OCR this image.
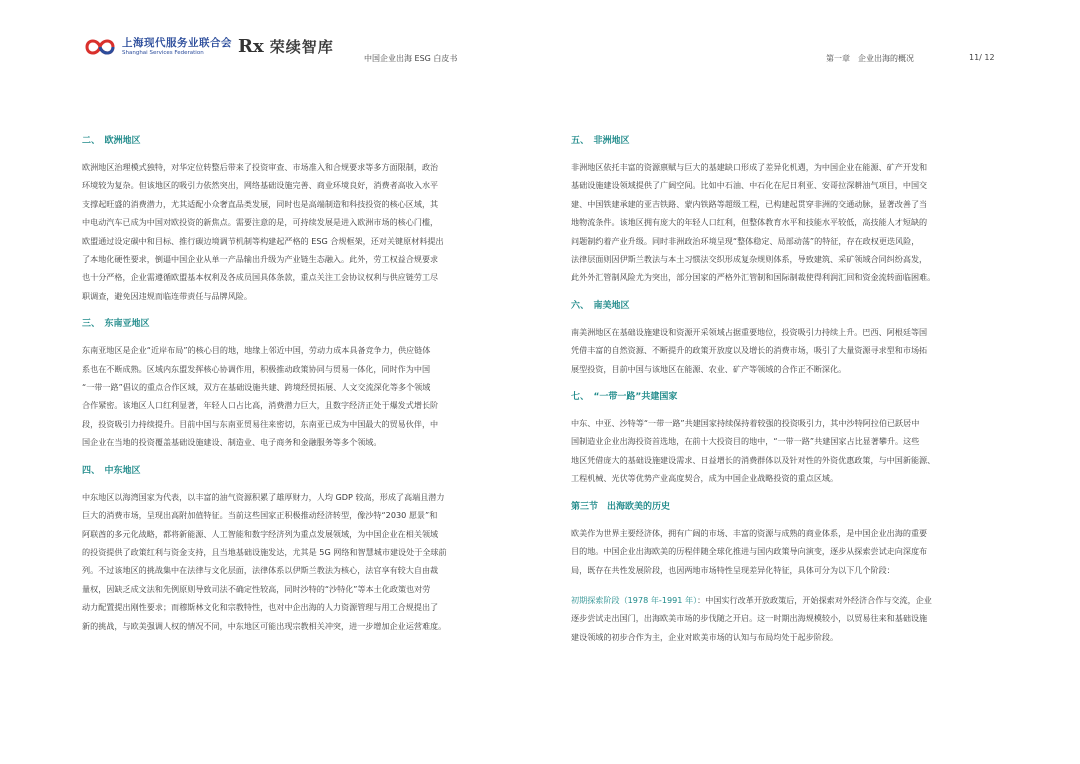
上海现代服务业联合会
Shanghai Services Federation	Rx 荣续智库
中国企业出海 ESG 白皮书	第一章　企业出海的概况	11/ 12

二、　欧洲地区

欧洲地区治理模式独特，对华定位转整后带来了投资审查、市场准入和合规要求等多方面限制，政治

环境较为复杂。但该地区的吸引力依然突出，网络基础设施完善、商业环境良好，消费者高收入水平

支撑起旺盛的消费潜力，尤其适配小众奢直品类发展，同时也是高端制造和科技投资的核心区域，其

中电动汽车已成为中国对欧投资的新焦点。需要注意的是，可持续发展是进入欧洲市场的核心门槛，

欧盟通过设定碳中和目标、推行碳边境调节机制等构建起严格的 ESG 合规框架，还对关键原材料提出

了本地化硬性要求，倒逼中国企业从单一产品输出升级为产业链生态融入。此外，劳工权益合规要求

也十分严格，企业需遵循欧盟基本权利及各成员国具体条款，重点关注工会协议权利与供应链劳工尽

职调查，避免因违规而临连带责任与品牌风险。

三、　东南亚地区

东南亚地区是企业“近岸布局”的核心目的地，地缘上邻近中国，劳动力成本具备竞争力，供应链体

系也在不断成熟。区域内东盟发挥核心协调作用，积极推动政策协同与贸易一体化，同时作为中国

“一带一路”倡议的重点合作区域，双方在基础设施共建、跨境经贸拓展、人文交流深化等多个领域

合作紧密。该地区人口红利显著，年轻人口占比高，消费潜力巨大，且数字经济正处于爆发式增长阶

段，投资吸引力持续提升。目前中国与东南亚贸易往来密切，东南亚已成为中国最大的贸易伙伴，中

国企业在当地的投资覆盖基础设施建设、制造业、电子商务和金融服务等多个领域。

四、　中东地区

中东地区以海湾国家为代表，以丰富的油气资源积累了雄厚财力，人均 GDP 较高，形成了高端且潜力

巨大的消费市场，呈现出高附加值特征。当前这些国家正积极推动经济转型，像沙特“2030 愿景”和

阿联酋的多元化战略，都将新能源、人工智能和数字经济列为重点发展领域，为中国企业在相关领域

的投资提供了政策红利与资金支持，且当地基础设施发达，尤其是 5G 网络和智慧城市建设处于全球前

列。不过该地区的挑战集中在法律与文化层面，法律体系以伊斯兰教法为核心，法官享有较大自由裁

量权，因缺乏成文法和先例原则导致司法不确定性较高，同时沙特的“沙特化”等本土化政策也对劳

动力配置提出刚性要求；而穆斯林文化和宗教特性，也对中企出海的人力资源管理与用工合规提出了

新的挑战，与欧美强调人权的情况不同，中东地区可能出现宗教相关冲突，进一步增加企业运营难度。

五、　非洲地区

非洲地区依托丰富的资源禀赋与巨大的基建缺口形成了差异化机遇，为中国企业在能源、矿产开发和

基础设施建设领域提供了广阔空间。比如中石油、中石化在尼日利亚、安哥拉深耕油气项目，中国交

建、中国铁建承建的亚吉铁路、蒙内铁路等超级工程，已构建起贯穿非洲的交通动脉，显著改善了当

地物流条件。该地区拥有庞大的年轻人口红利，但整体教育水平和技能水平较低，高技能人才短缺的

问题制约着产业升级。同时非洲政治环境呈现“整体稳定、局部动荡”的特征，存在政权更迭风险，

法律层面则因伊斯兰教法与本土习惯法交织形成复杂规则体系，导致建筑、采矿领域合同纠纷高发，

此外外汇管制风险尤为突出，部分国家的严格外汇管制和国际制裁使得利润汇回和资金流转面临困难。

六、　南美地区

南美洲地区在基础设施建设和资源开采领域占据重要地位，投资吸引力持续上升。巴西、阿根廷等国

凭借丰富的自然资源、不断提升的政策开放度以及增长的消费市场，吸引了大量资源寻求型和市场拓

展型投资，目前中国与该地区在能源、农业、矿产等领域的合作正不断深化。

七、　“一带一路”共建国家

中东、中亚、沙特等“一带一路”共建国家持续保持着较强的投资吸引力，其中沙特阿拉伯已跃居中

国制造业企业出海投资首选地，在前十大投资目的地中，“一带一路”共建国家占比显著攀升。这些

地区凭借庞大的基础设施建设需求、日益增长的消费群体以及针对性的外资优惠政策，与中国新能源、

工程机械、光伏等优势产业高度契合，成为中国企业战略投资的重点区域。

第三节　出海欧美的历史

欧美作为世界主要经济体，拥有广阔的市场、丰富的资源与成熟的商业体系，是中国企业出海的重要

目的地。中国企业出海欧美的历程伴随全球化推进与国内政策导向演变，逐步从探索尝试走向深度布

局，既存在共性发展阶段，也因两地市场特性呈现差异化特征，具体可分为以下几个阶段：

初期探索阶段（1978 年-1991 年）：中国实行改革开放政策后，开始探索对外经济合作与交流，企业

逐步尝试走出国门，出海欧美市场的步伐随之开启。这一时期出海规模较小，以贸易往来和基础设施

建设领域的初步合作为主，企业对欧美市场的认知与布局均处于起步阶段。
